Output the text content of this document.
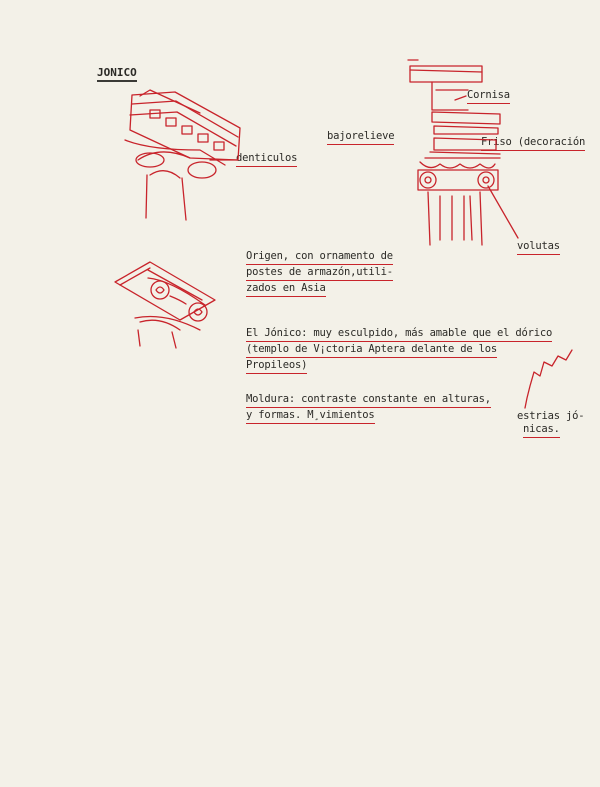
JONICO
denticulos
Cornisa
bajorelieve	Friso (decoración
volutas
estrias jó-
nicas.
Origen, con ornamento de
postes de armazón,utili-
zados en Asia
El Jónico: muy esculpido, más amable que el dórico
(templo de V¡ctoria Aptera delante de los
Propileos)
Moldura: contraste constante en alturas,
y formas. M¸vimientos
